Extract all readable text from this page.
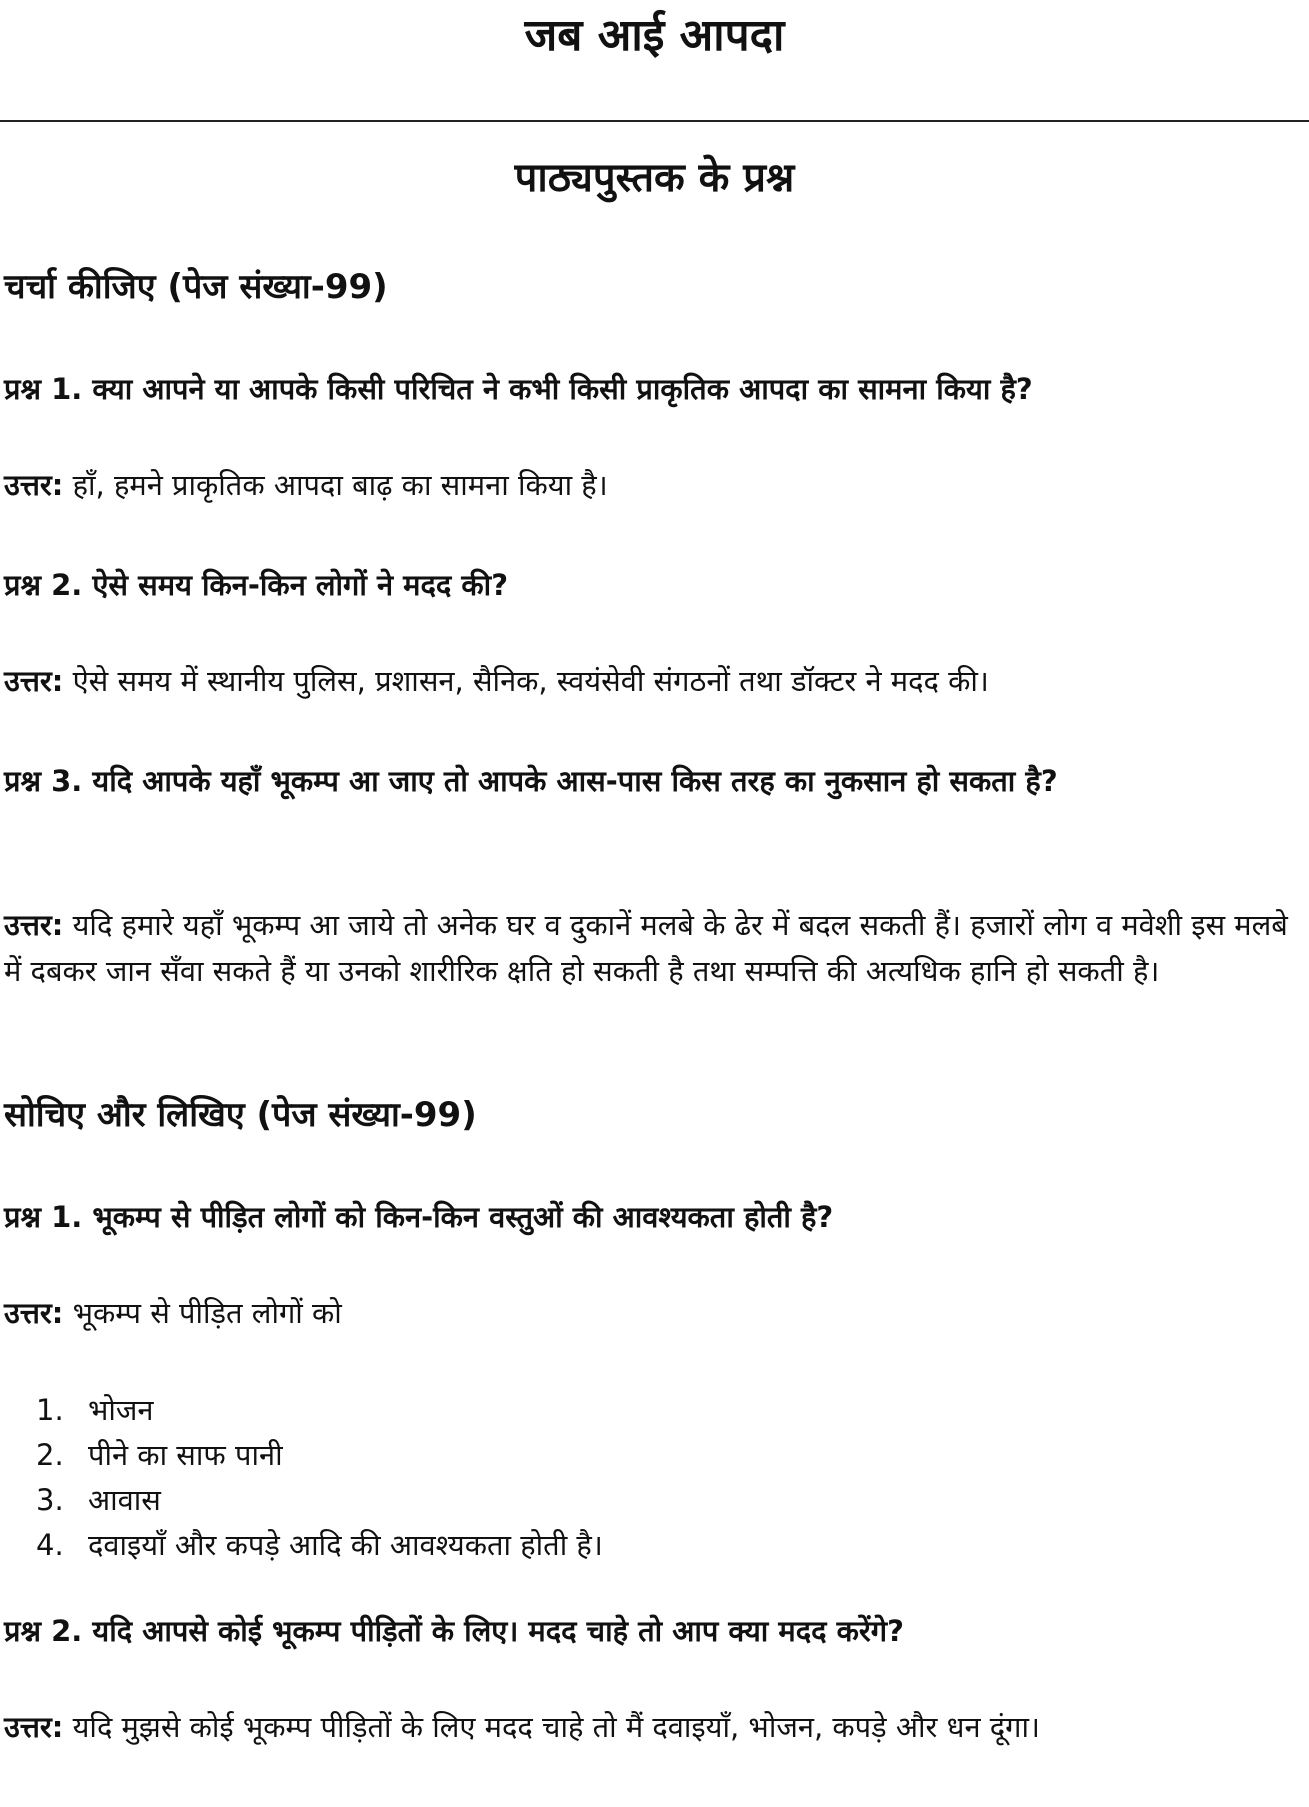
जब आई आपदा
पाठ्यपुस्तक के प्रश्न
चर्चा कीजिए (पेज संख्या-99)
प्रश्न 1. क्या आपने या आपके किसी परिचित ने कभी किसी प्राकृतिक आपदा का सामना किया है?
उत्तर: हाँ, हमने प्राकृतिक आपदा बाढ़ का सामना किया है।
प्रश्न 2. ऐसे समय किन-किन लोगों ने मदद की?
उत्तर: ऐसे समय में स्थानीय पुलिस, प्रशासन, सैनिक, स्वयंसेवी संगठनों तथा डॉक्टर ने मदद की।
प्रश्न 3. यदि आपके यहाँ भूकम्प आ जाए तो आपके आस-पास किस तरह का नुकसान हो सकता है?
उत्तर: यदि हमारे यहाँ भूकम्प आ जाये तो अनेक घर व दुकानें मलबे के ढेर में बदल सकती हैं। हजारों लोग व मवेशी इस मलबे में दबकर जान सँवा सकते हैं या उनको शारीरिक क्षति हो सकती है तथा सम्पत्ति की अत्यधिक हानि हो सकती है।
सोचिए और लिखिए (पेज संख्या-99)
प्रश्न 1. भूकम्प से पीड़ित लोगों को किन-किन वस्तुओं की आवश्यकता होती है?
उत्तर: भूकम्प से पीड़ित लोगों को
1. भोजन
2. पीने का साफ पानी
3. आवास
4. दवाइयाँ और कपड़े आदि की आवश्यकता होती है।
प्रश्न 2. यदि आपसे कोई भूकम्प पीड़ितों के लिए। मदद चाहे तो आप क्या मदद करेंगे?
उत्तर: यदि मुझसे कोई भूकम्प पीड़ितों के लिए मदद चाहे तो मैं दवाइयाँ, भोजन, कपड़े और धन दूंगा।
